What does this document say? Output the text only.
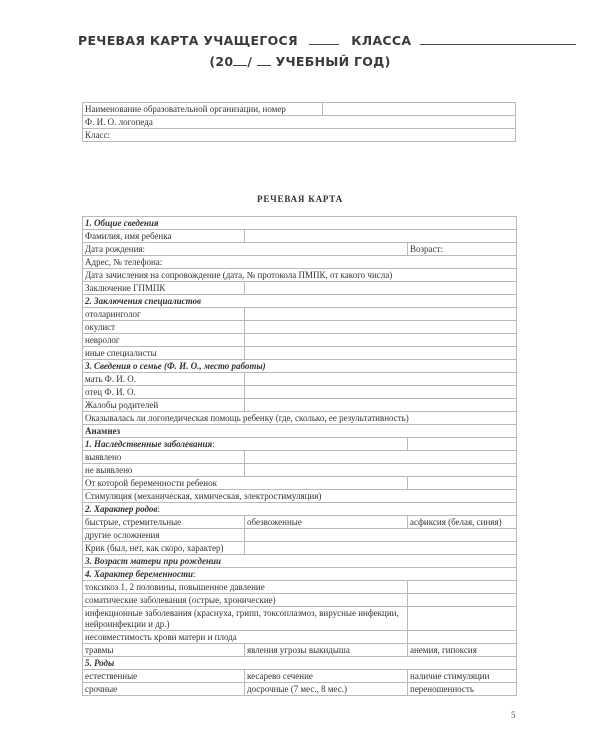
РЕЧЕВАЯ КАРТА УЧАЩЕГОСЯ	КЛАССА
(20 / УЧЕБНЫЙ ГОД)
Наименование образовательной организации, номер	
Ф. И. О. логопеда
Класс:
РЕЧЕВАЯ КАРТА
1. Общие сведения		
Фамилия, имя ребенка		
Дата рождения:		Возраст:
Адрес, № телефона:		
Дата зачисления на сопровождение (дата, № протокола ПМПК, от какого числа)		
Заключение ГПМПК		
2. Заключения специалистов		
отоларинголог		
окулист		
невролог		
иные специалисты		
3. Сведения о семье (Ф. И. О., место работы)		
мать Ф. И. О.		
отец Ф. И. О.		
Жалобы родителей		
Оказывалась ли логопедическая помощь ребенку (где, сколько, ее результативность)		
Анамнез		
1. Наследственные заболевания:		
выявлено		
не выявлено		
От которой беременности ребенок		
Стимуляция (механическая, химическая, электростимуляция)		
2. Характер родов:		
быстрые, стремительные	обезвоженные	асфиксия (белая, синяя)
другие осложнения		
Крик (был, нет, как скоро, характер)		
3. Возраст матери при рождении		
4. Характер беременности:		
токсикоз 1, 2 половины, повышенное давление		
соматические заболевания (острые, хронические)		
инфекционные заболевания (краснуха, грипп, токсоплазмоз, вирусные инфекции, нейроинфекции и др.)		
несовместимость крови матери и плода		
травмы	явления угрозы выкидыша	анемия, гипоксия
5. Роды		
естественные	кесарево сечение	наличие стимуляции
срочные	досрочные (7 мес., 8 мес.)	переношенность
5
